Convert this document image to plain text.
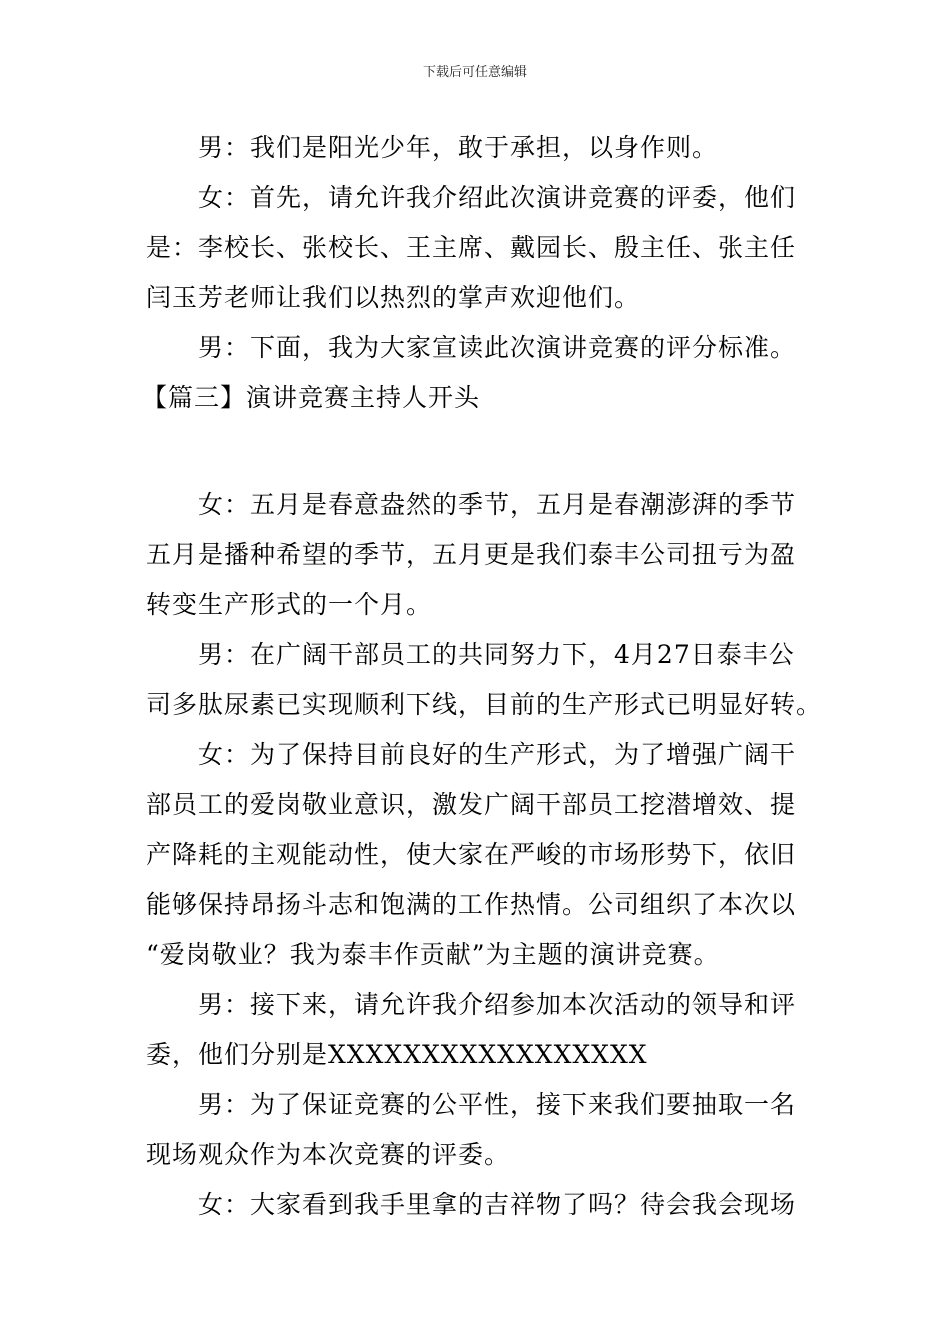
下载后可任意编辑

男：我们是阳光少年，敢于承担，以身作则。

女：首先，请允许我介绍此次演讲竞赛的评委，他们

是：李校长、张校长、王主席、戴园长、殷主任、张主任
闫玉芳老师让我们以热烈的掌声欢迎他们。

男：下面，我为大家宣读此次演讲竞赛的评分标准。

【篇三】演讲竞赛主持人开头

女：五月是春意盎然的季节，五月是春潮澎湃的季节

五月是播种希望的季节，五月更是我们泰丰公司扭亏为盈
转变生产形式的一个月。

男：在广阔干部员工的共同努力下，4月27日泰丰公

司多肽尿素已实现顺利下线，目前的生产形式已明显好转。

女：为了保持目前良好的生产形式，为了增强广阔干

部员工的爱岗敬业意识，激发广阔干部员工挖潜增效、提
产降耗的主观能动性，使大家在严峻的市场形势下，依旧
能够保持昂扬斗志和饱满的工作热情。公司组织了本次以
“爱岗敬业？我为泰丰作贡献”为主题的演讲竞赛。

男：接下来，请允许我介绍参加本次活动的领导和评

委，他们分别是XXXXXXXXXXXXXXXXX

男：为了保证竞赛的公平性，接下来我们要抽取一名

现场观众作为本次竞赛的评委。

女：大家看到我手里拿的吉祥物了吗？待会我会现场
